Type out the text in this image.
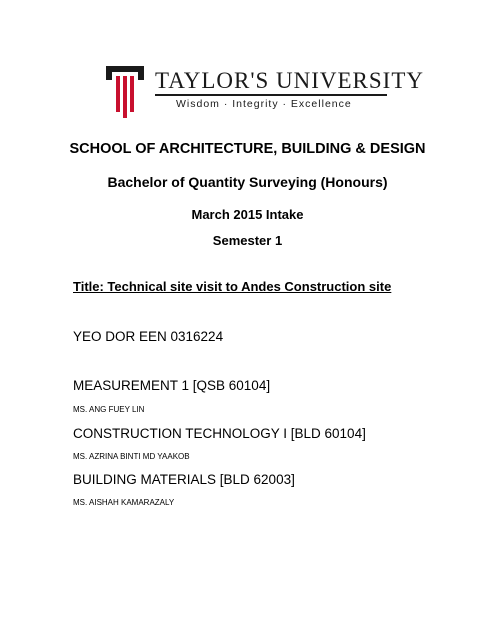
TAYLOR'S UNIVERSITY
Wisdom · Integrity · Excellence
SCHOOL OF ARCHITECTURE, BUILDING & DESIGN
Bachelor of Quantity Surveying (Honours)
March 2015 Intake
Semester 1
Title: Technical site visit to Andes Construction site
YEO DOR EEN 0316224
MEASUREMENT 1 [QSB 60104]
MS. ANG FUEY LIN
CONSTRUCTION TECHNOLOGY I [BLD 60104]
MS. AZRINA BINTI MD YAAKOB
BUILDING MATERIALS [BLD 62003]
MS. AISHAH KAMARAZALY
